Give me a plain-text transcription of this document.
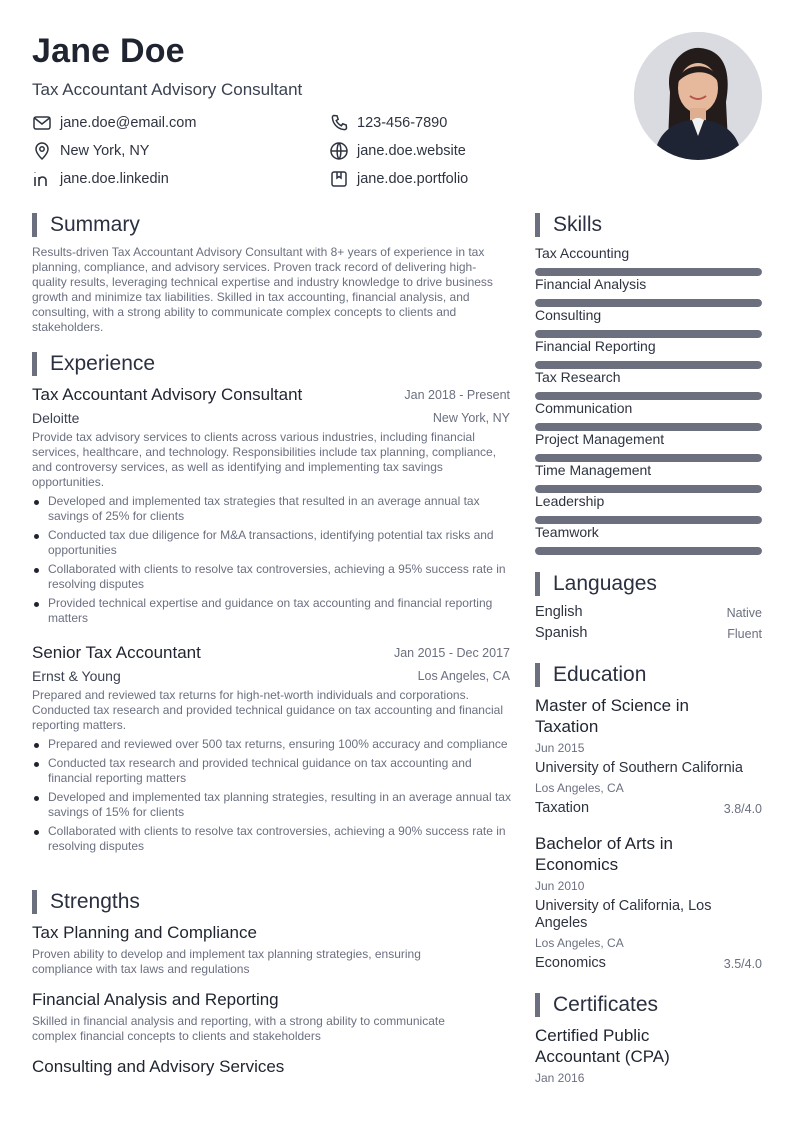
Jane Doe
Tax Accountant Advisory Consultant
jane.doe@email.com	123-456-7890
New York, NY	jane.doe.website
jane.doe.linkedin	jane.doe.portfolio
Summary
Results-driven Tax Accountant Advisory Consultant with 8+ years of experience in tax planning, compliance, and advisory services. Proven track record of delivering high-quality results, leveraging technical expertise and industry knowledge to drive business growth and minimize tax liabilities. Skilled in tax accounting, financial analysis, and consulting, with a strong ability to communicate complex concepts to clients and stakeholders.
Experience
Tax Accountant Advisory Consultant	Jan 2018 - Present
Deloitte	New York, NY
Provide tax advisory services to clients across various industries, including financial services, healthcare, and technology. Responsibilities include tax planning, compliance, and controversy services, as well as identifying and implementing tax savings opportunities.
Developed and implemented tax strategies that resulted in an average annual tax savings of 25% for clients
Conducted tax due diligence for M&A transactions, identifying potential tax risks and opportunities
Collaborated with clients to resolve tax controversies, achieving a 95% success rate in resolving disputes
Provided technical expertise and guidance on tax accounting and financial reporting matters
Senior Tax Accountant	Jan 2015 - Dec 2017
Ernst & Young	Los Angeles, CA
Prepared and reviewed tax returns for high-net-worth individuals and corporations. Conducted tax research and provided technical guidance on tax accounting and financial reporting matters.
Prepared and reviewed over 500 tax returns, ensuring 100% accuracy and compliance
Conducted tax research and provided technical guidance on tax accounting and financial reporting matters
Developed and implemented tax planning strategies, resulting in an average annual tax savings of 15% for clients
Collaborated with clients to resolve tax controversies, achieving a 90% success rate in resolving disputes
Strengths
Tax Planning and Compliance
Proven ability to develop and implement tax planning strategies, ensuring compliance with tax laws and regulations
Financial Analysis and Reporting
Skilled in financial analysis and reporting, with a strong ability to communicate complex financial concepts to clients and stakeholders
Consulting and Advisory Services
Skills
Tax Accounting
Financial Analysis
Consulting
Financial Reporting
Tax Research
Communication
Project Management
Time Management
Leadership
Teamwork
Languages
English	Native
Spanish	Fluent
Education
Master of Science in Taxation
Jun 2015
University of Southern California
Los Angeles, CA
Taxation	3.8/4.0
Bachelor of Arts in Economics
Jun 2010
University of California, Los Angeles
Los Angeles, CA
Economics	3.5/4.0
Certificates
Certified Public Accountant (CPA)
Jan 2016
